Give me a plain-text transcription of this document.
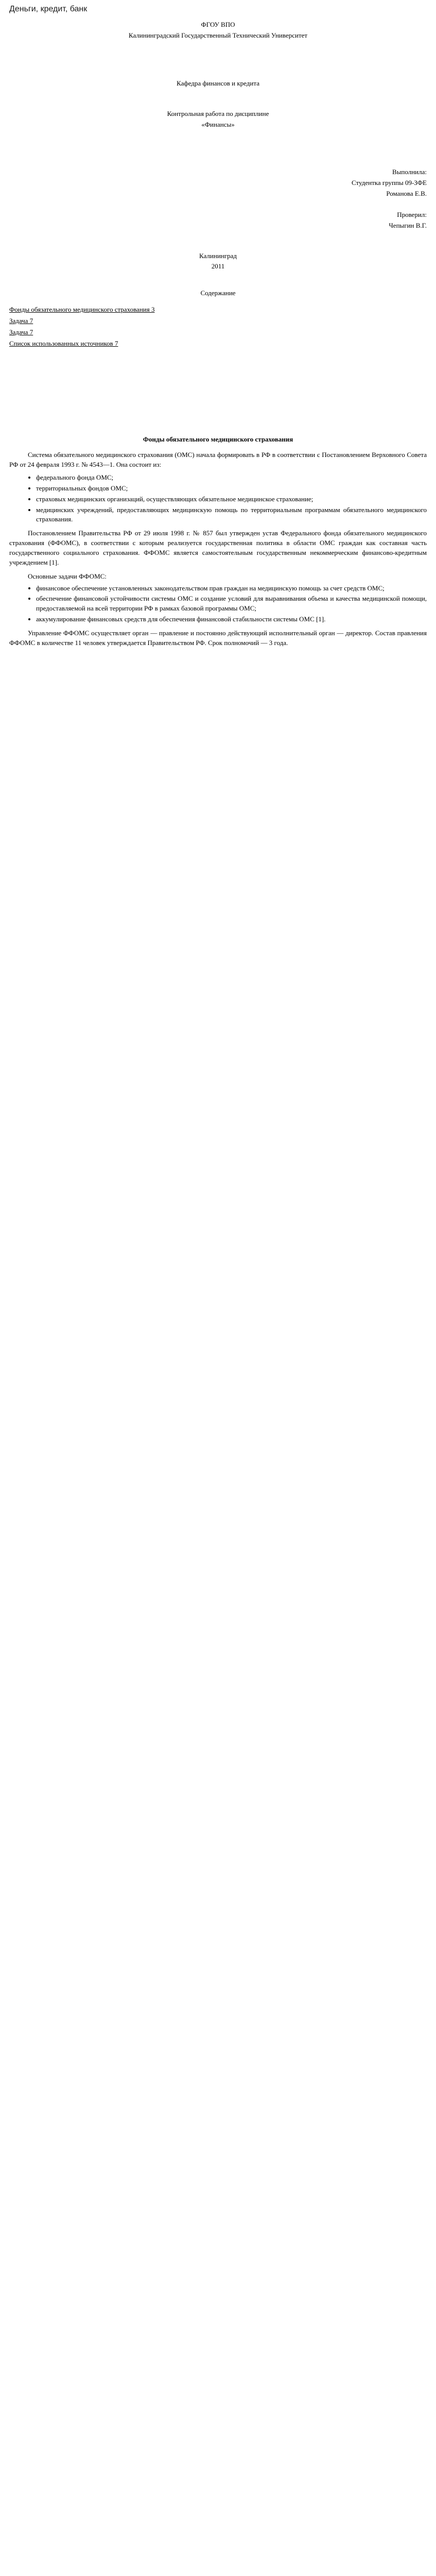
Деньги, кредит, банк

ФГОУ ВПО

Калининградский Государственный Технический Университет

Кафедра финансов и кредита

Контрольная работа по дисциплине

«Финансы»

Выполнила:

Студентка группы 09-ЗФЕ

Романова Е.В.

Проверил:

Чепыгин В.Г.

Калининград

2011

Содержание

Фонды обязательного медицинского страхования 3
Задача 7
Задача 7
Список использованных источников 7
Фонды обязательного медицинского страхования

Система обязательного медицинского страхования (ОМС) начала формировать в РФ в соответствии с Постановлением Верховного Совета РФ от 24 февраля 1993 г. № 4543—1. Она состоит из:

• федерального фонда ОМС;
• территориальных фондов ОМС;
• страховых медицинских организаций, осуществляющих обязательное медицинское страхование;
• медицинских учреждений, предоставляющих медицинскую помощь по территориальным программам обязательного медицинского страхования.

Постановлением Правительства РФ от 29 июля 1998 г. № 857 был утвержден устав Федерального фонда обязательного медицинского страхования (ФФОМС), в соответствии с которым реализуется государственная политика в области ОМС граждан как составная часть государственного социального страхования. ФФОМС является самостоятельным государственным некоммерческим финансово-кредитным учреждением [1].

Основные задачи ФФОМС:

• финансовое обеспечение установленных законодательством прав граждан на медицинскую помощь за счет средств ОМС;
• обеспечение финансовой устойчивости системы ОМС и создание условий для выравнивания объема и качества медицинской помощи, предоставляемой на всей территории РФ в рамках базовой программы ОМС;
• аккумулирование финансовых средств для обеспечения финансовой стабильности системы ОМС [1].

Управление ФФОМС осуществляет орган — правление и постоянно действующий исполнительный орган — директор. Состав правления ФФОМС в количестве 11 человек утверждается Правительством РФ. Срок полномочий — 3 года.
